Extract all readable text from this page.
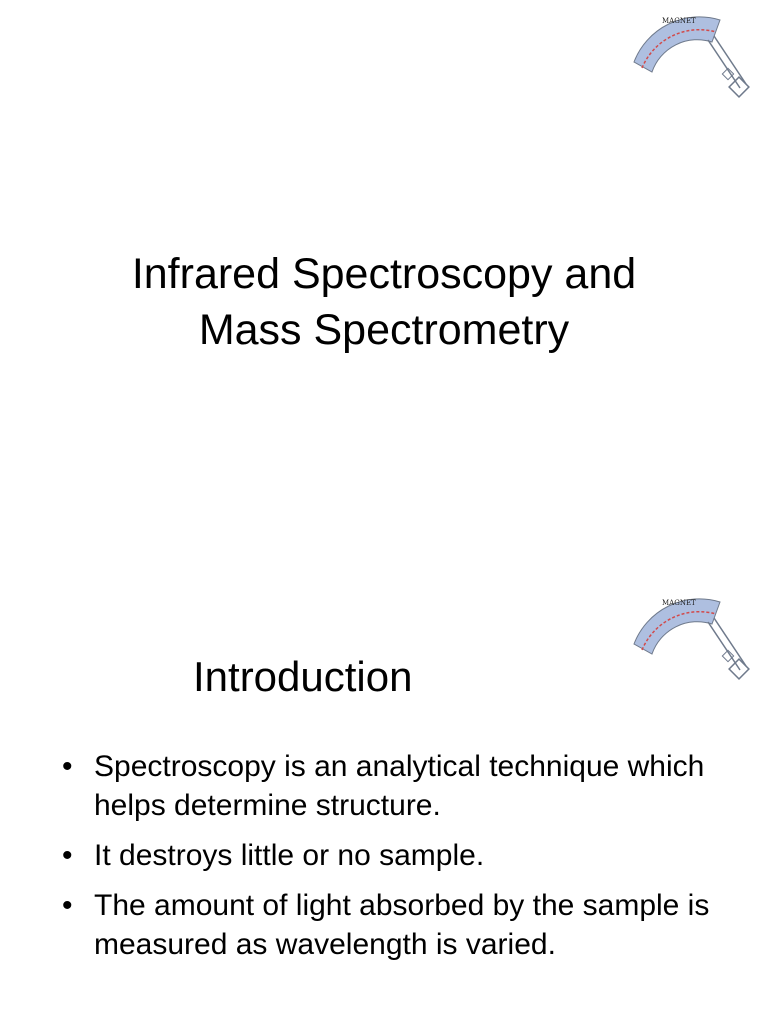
MAGNET
Infrared Spectroscopy and
Mass Spectrometry
MAGNET
Introduction
• Spectroscopy is an analytical technique which helps determine structure.
• It destroys little or no sample.
• The amount of light absorbed by the sample is measured as wavelength is varied.
